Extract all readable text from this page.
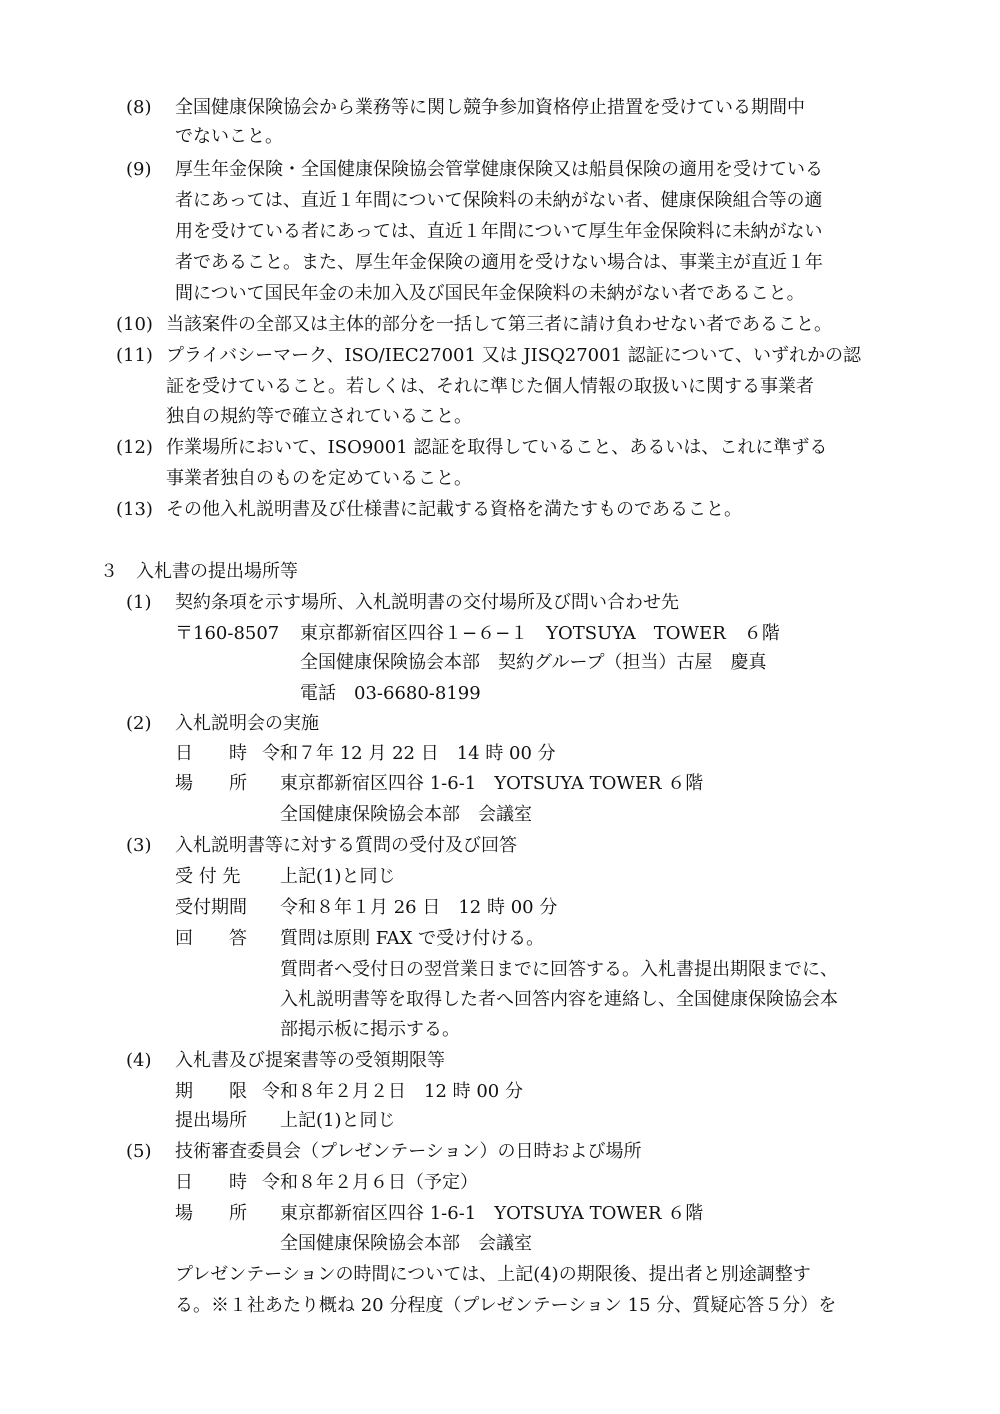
(8) 全国健康保険協会から業務等に関し競争参加資格停止措置を受けている期間中
でないこと。
(9) 厚生年金保険・全国健康保険協会管掌健康保険又は船員保険の適用を受けている
者にあっては、直近１年間について保険料の未納がない者、健康保険組合等の適
用を受けている者にあっては、直近１年間について厚生年金保険料に未納がない
者であること。また、厚生年金保険の適用を受けない場合は、事業主が直近１年
間について国民年金の未加入及び国民年金保険料の未納がない者であること。
(10) 当該案件の全部又は主体的部分を一括して第三者に請け負わせない者であること。
(11) プライバシーマーク、ISO/IEC27001 又は JISQ27001 認証について、いずれかの認
証を受けていること。若しくは、それに準じた個人情報の取扱いに関する事業者
独自の規約等で確立されていること。
(12) 作業場所において、ISO9001 認証を取得していること、あるいは、これに準ずる
事業者独自のものを定めていること。
(13) その他入札説明書及び仕様書に記載する資格を満たすものであること。
３ 入札書の提出場所等
(1) 契約条項を示す場所、入札説明書の交付場所及び問い合わせ先
〒160-8507 東京都新宿区四谷１−６−１　YOTSUYA　TOWER　６階
全国健康保険協会本部　契約グループ（担当）古屋　慶真
電話　03-6680-8199
(2) 入札説明会の実施
日　　時 令和７年 12 月 22 日　14 時 00 分
場　　所 東京都新宿区四谷 1-6-1　YOTSUYA TOWER ６階
全国健康保険協会本部　会議室
(3) 入札説明書等に対する質問の受付及び回答
受 付 先 上記(1)と同じ
受付期間 令和８年１月 26 日　12 時 00 分
回　　答 質問は原則 FAX で受け付ける。
質問者へ受付日の翌営業日までに回答する。入札書提出期限までに、
入札説明書等を取得した者へ回答内容を連絡し、全国健康保険協会本
部掲示板に掲示する。
(4) 入札書及び提案書等の受領期限等
期　　限 令和８年２月２日　12 時 00 分
提出場所 上記(1)と同じ
(5) 技術審査委員会（プレゼンテーション）の日時および場所
日　　時 令和８年２月６日（予定）
場　　所 東京都新宿区四谷 1-6-1　YOTSUYA TOWER ６階
全国健康保険協会本部　会議室
プレゼンテーションの時間については、上記(4)の期限後、提出者と別途調整す
る。※１社あたり概ね 20 分程度（プレゼンテーション 15 分、質疑応答５分）を
